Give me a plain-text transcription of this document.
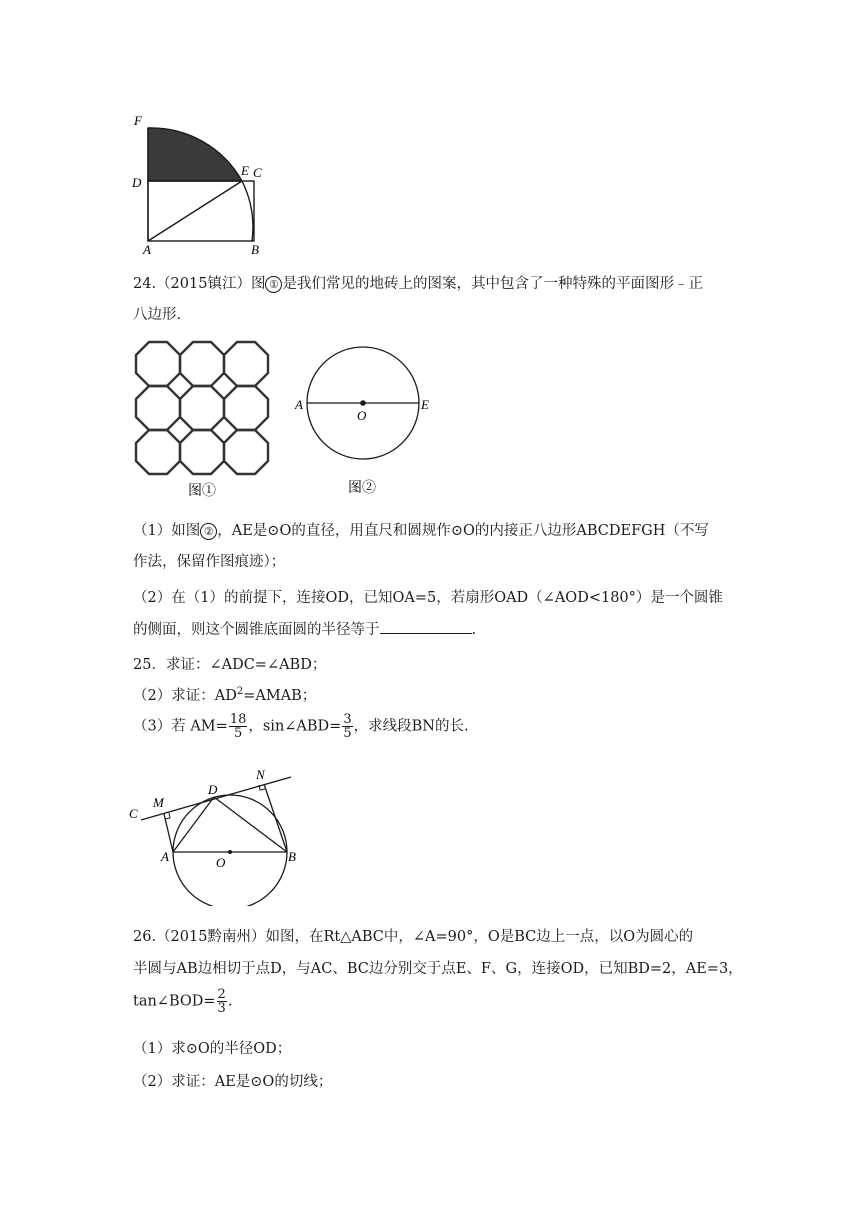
F
D
E C
A	B
24.（2015镇江）图 ① 是我们常见的地砖上的图案，其中包含了一种特殊的平面图形﹣正
八边形.
图①
A
O
E
图②
（1）如图 ② ，AE是⊙O的直径，用直尺和圆规作⊙O的内接正八边形ABCDEFGH（不写
作法，保留作图痕迹）；
（2）在（1）的前提下，连接OD，已知OA=5，若扇形OAD（∠AOD<180°）是一个圆锥
的侧面，则这个圆锥底面圆的半径等于	.
25．求证：∠ADC=∠ABD；
（2）求证：$AD^2=AMAB$；
（3）若 $AM= \frac{18}{5}$ ，sin∠ABD= $\frac{3}{5}$ ，求线段BN的长.
C
M
D
N
A	O	B
26.（2015黔南州）如图，在Rt△ABC中，∠A=90°，O是BC边上一点，以O为圆心的
半圆与AB边相切于点D，与AC、BC边分别交于点E、F、G，连接OD，已知BD=2，AE=3，
tan∠BOD= $\frac{2}{3}$ .
（1）求⊙O的半径OD；
（2）求证：AE是⊙O的切线；
